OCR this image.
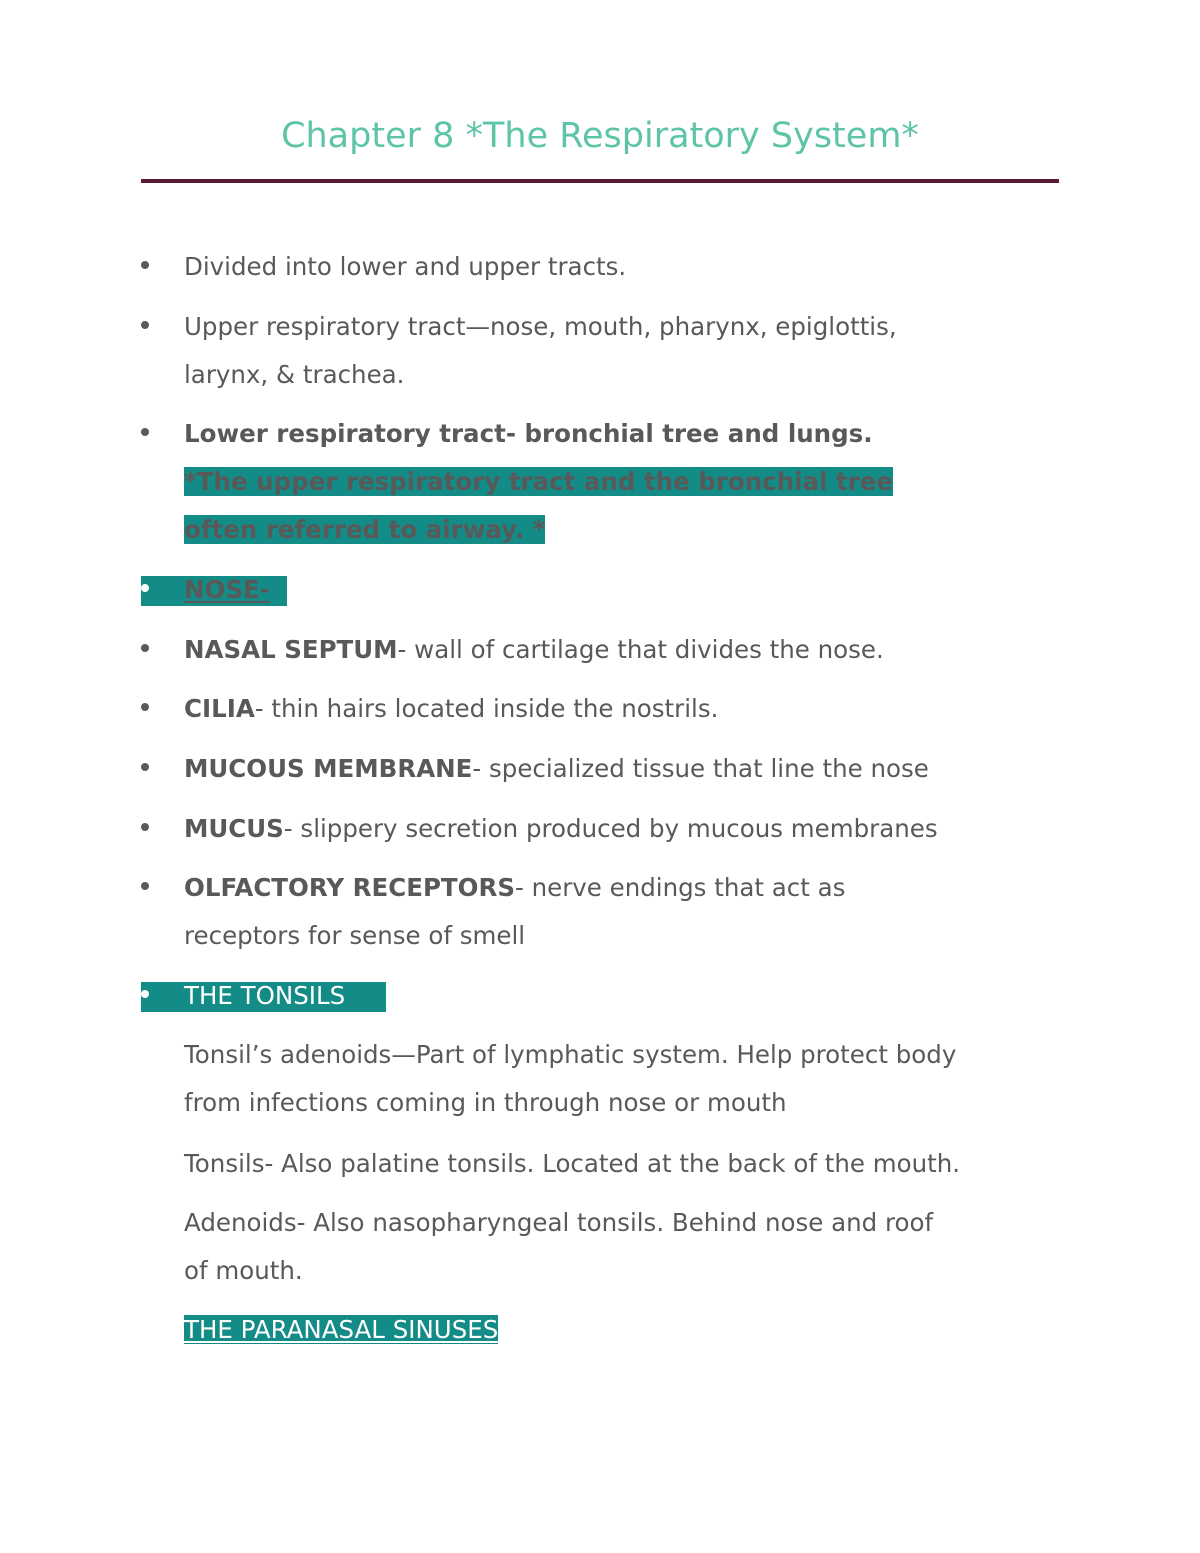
Chapter 8 *The Respiratory System*
Divided into lower and upper tracts.
Upper respiratory tract—nose, mouth, pharynx, epiglottis,
larynx, & trachea.
Lower respiratory tract- bronchial tree and lungs.
*The upper respiratory tract and the bronchial tree
often referred to airway. *
NOSE-
NASAL SEPTUM- wall of cartilage that divides the nose.
CILIA- thin hairs located inside the nostrils.
MUCOUS MEMBRANE- specialized tissue that line the nose
MUCUS- slippery secretion produced by mucous membranes
OLFACTORY RECEPTORS- nerve endings that act as
receptors for sense of smell
THE TONSILS
Tonsil’s adenoids—Part of lymphatic system. Help protect body
from infections coming in through nose or mouth
Tonsils- Also palatine tonsils. Located at the back of the mouth.
Adenoids- Also nasopharyngeal tonsils. Behind nose and roof
of mouth.
THE PARANASAL SINUSES
